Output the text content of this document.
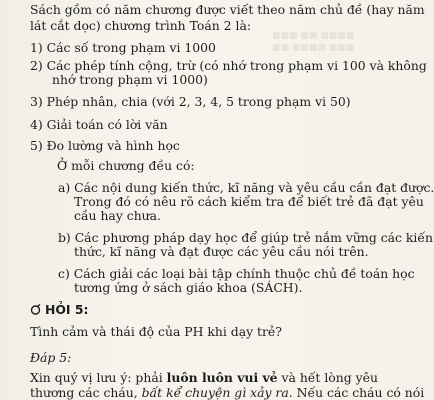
■■■ ■■ ■■■■
■■ ■■■■ ■■■
Sách gồm có năm chương được viết theo năm chủ đề (hay năm
lát cắt dọc) chương trình Toán 2 là:
1) Các số trong phạm vi 1000
2) Các phép tính cộng, trừ (có nhớ trong phạm vi 100 và không
nhớ trong phạm vi 1000)
3) Phép nhân, chia (với 2, 3, 4, 5 trong phạm vi 50)
4) Giải toán có lời văn
5) Đo lường và hình học
Ở mỗi chương đều có:
a) Các nội dung kiến thức, kĩ năng và yêu cầu cần đạt được.
Trong đó có nêu rõ cách kiểm tra để biết trẻ đã đạt yêu
cầu hay chưa.
b) Các phương pháp dạy học để giúp trẻ nắm vững các kiến
thức, kĩ năng và đạt được các yêu cầu nói trên.
c) Cách giải các loại bài tập chính thuộc chủ đề toán học
tương ứng ở sách giáo khoa (SÁCH).
HỎI 5:
Tình cảm và thái độ của PH khi dạy trẻ?
Đáp 5:
Xin quý vị lưu ý: phải luôn luôn vui vẻ và hết lòng yêu
thương các cháu, bất kể chuyện gì xảy ra. Nếu các cháu có nói
